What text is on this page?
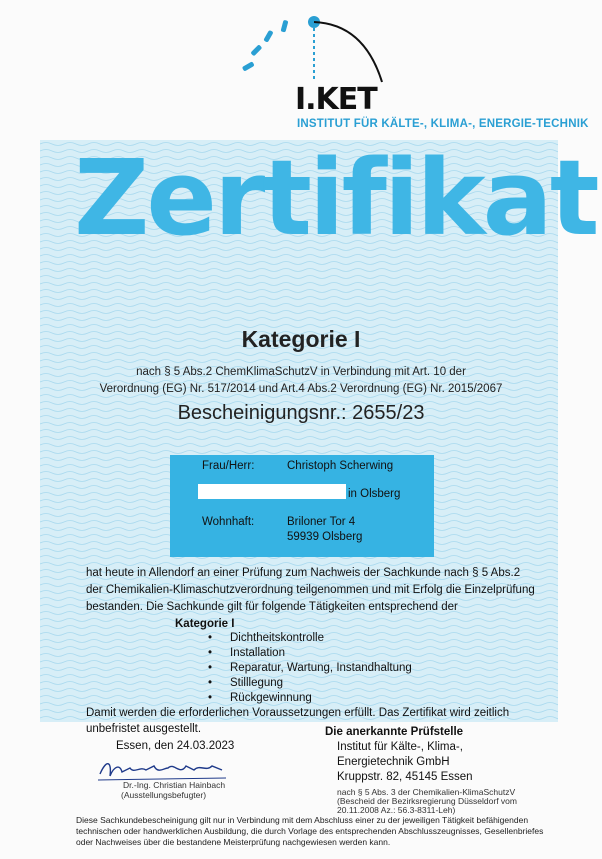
I.KET
INSTITUT FÜR KÄLTE-, KLIMA-, ENERGIE-TECHNIK
Zertifikat
Kategorie I
nach § 5 Abs.2 ChemKlimaSchutzV in Verbindung mit Art. 10 der
Verordnung (EG) Nr. 517/2014 und Art.4 Abs.2 Verordnung (EG) Nr. 2015/2067
Bescheinigungsnr.: 2655/23
Frau/Herr:	Christoph Scherwing
in Olsberg
Wohnhaft:	Briloner Tor 4
59939 Olsberg
hat heute in Allendorf an einer Prüfung zum Nachweis der Sachkunde nach § 5 Abs.2
der Chemikalien-Klimaschutzverordnung teilgenommen und mit Erfolg die Einzelprüfung
bestanden. Die Sachkunde gilt für folgende Tätigkeiten entsprechend der
Kategorie I
• Dichtheitskontrolle
• Installation
• Reparatur, Wartung, Instandhaltung
• Stilllegung
• Rückgewinnung
Damit werden die erforderlichen Voraussetzungen erfüllt. Das Zertifikat wird zeitlich
unbefristet ausgestellt.
Essen, den 24.03.2023
Dr.-Ing. Christian Hainbach
(Ausstellungsbefugter)
Die anerkannte Prüfstelle
Institut für Kälte-, Klima-,
Energietechnik GmbH
Kruppstr. 82, 45145 Essen
nach § 5 Abs. 3 der Chemikalien-KlimaSchutzV
(Bescheid der Bezirksregierung Düsseldorf vom
20.11.2008 Az.: 56.3-8311-Leh)
Diese Sachkundebescheinigung gilt nur in Verbindung mit dem Abschluss einer zu der jeweiligen Tätigkeit befähigenden technischen oder handwerklichen Ausbildung, die durch Vorlage des entsprechenden Abschlusszeugnisses, Gesellenbriefes oder Nachweises über die bestandene Meisterprüfung nachgewiesen werden kann.
